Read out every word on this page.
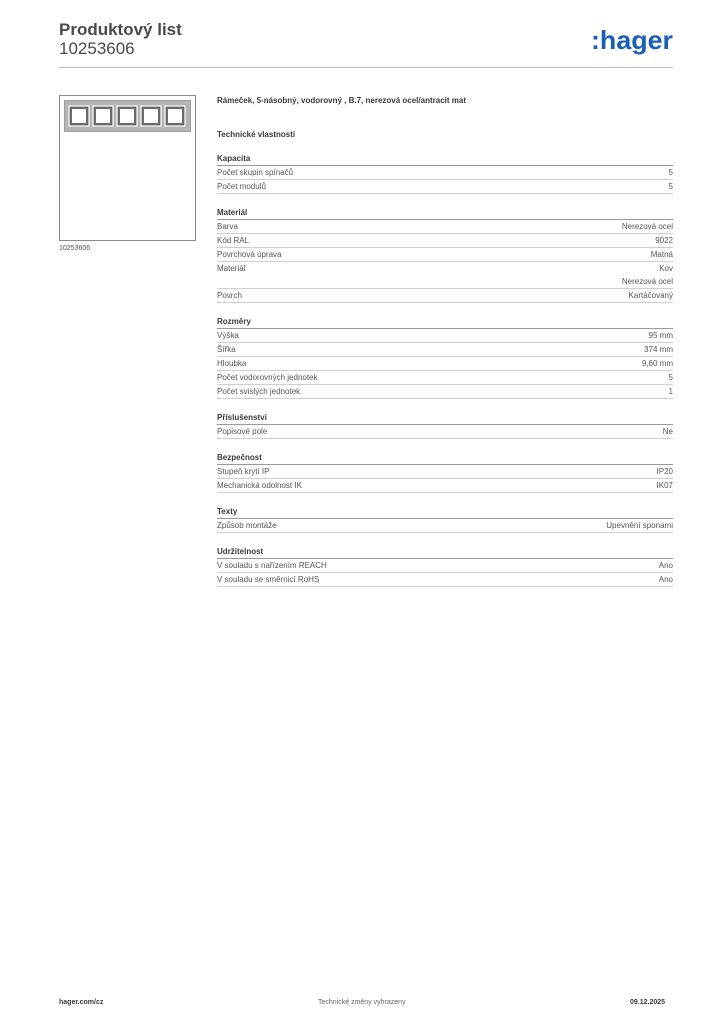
Produktový list
10253606	:hager
10253606
Rámeček, 5-násobný, vodorovný , B.7, nerezová ocel/antracit mat
Technické vlastnosti
Kapacita
Počet skupin spínačů	5
Počet modulů	5
Materiál
Barva	Nerezová ocel
Kód RAL	9022
Povrchová úprava	Matná
Materiál	Kov
Nerezová ocel
Povrch	Kartáčovaný
Rozměry
Výška	95 mm
Šířka	374 mm
Hloubka	9,60 mm
Počet vodorovných jednotek	5
Počet svislých jednotek	1
Příslušenství
Popisové pole	Ne
Bezpečnost
Stupeň krytí IP	IP20
Mechanická odolnost IK	IK07
Texty
Způsob montáže	Upevnění sponami
Udržitelnost
V souladu s nařízením REACH	Ano
V souladu se směrnicí RoHS	Ano
hager.com/cz	Technické změny vyhrazeny	09.12.2025
